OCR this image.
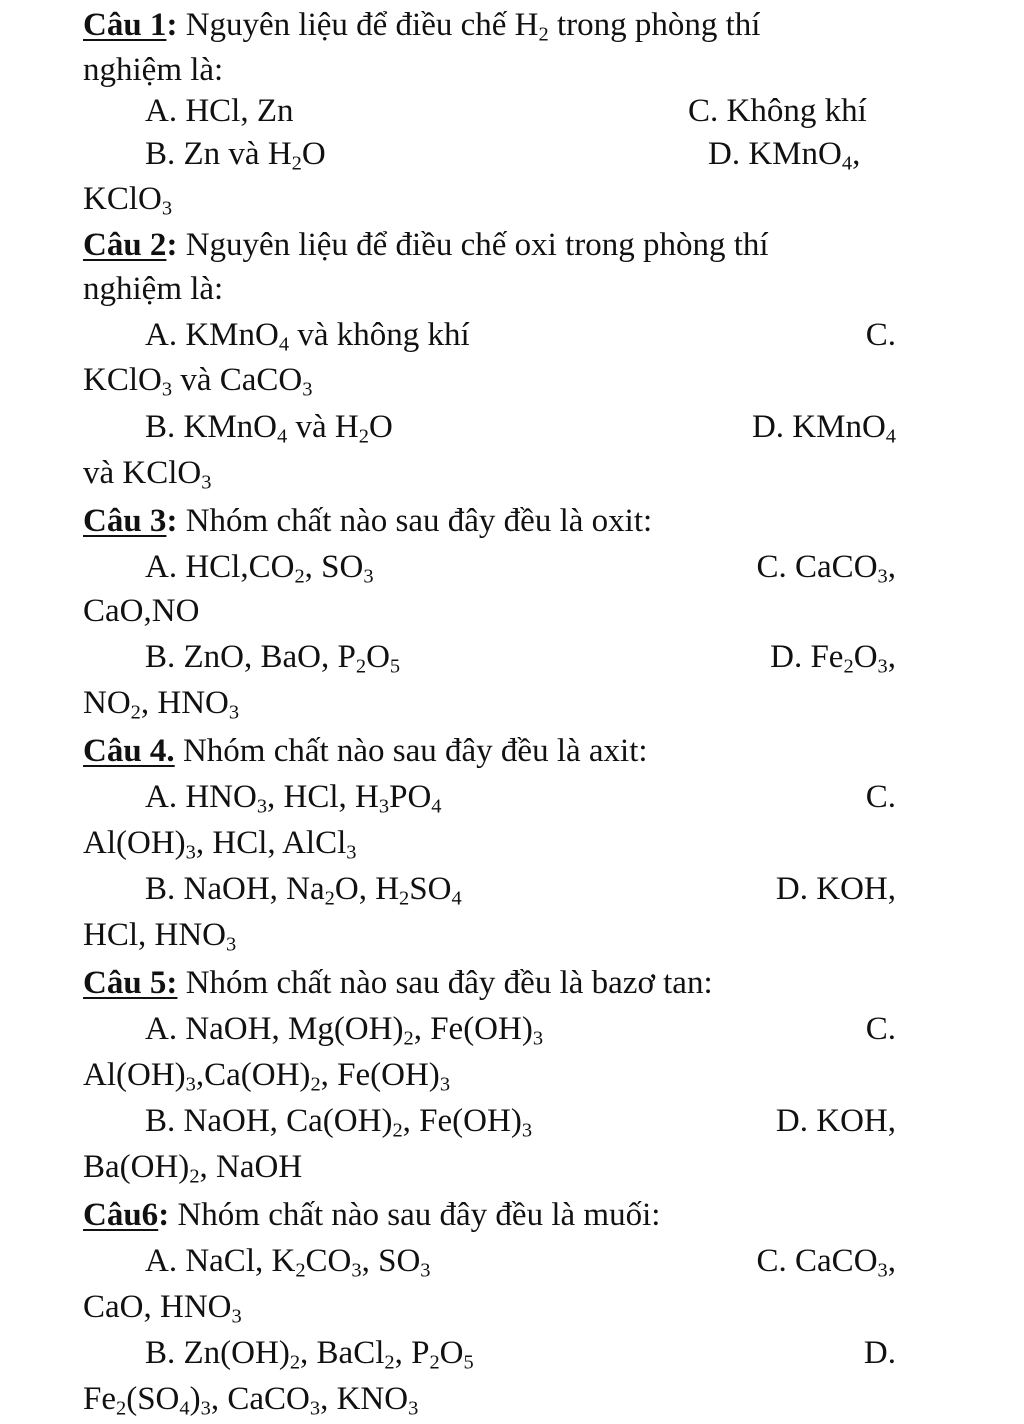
Câu 1: Nguyên liệu để điều chế $H_2$ trong phòng thí
nghiệm là:
A. HCl, Zn	C. Không khí
B. Zn và $H_2O$	D. KMnO$_4$,
KClO$_3$
Câu 2: Nguyên liệu để điều chế oxi trong phòng thí
nghiệm là:
A. KMnO$_4$ và không khí	C.
KClO$_3$ và CaCO$_3$
B. KMnO$_4$ và $H_2O$	D. KMnO$_4$
và KClO$_3$
Câu 3: Nhóm chất nào sau đây đều là oxit:
A. $HCl,CO_2$, $SO_3$	C. CaCO$_3$,
CaO,NO
B. ZnO, BaO, $P_2O_5$	D. $Fe_2O_3$,
$NO_2$, $HNO_3$
Câu 4. Nhóm chất nào sau đây đều là axit:
A. $HNO_3$, HCl, $H_3PO_4$	C.
$Al(OH)_3$, HCl, AlCl$_3$
B. NaOH, $Na_2O$, $H_2SO_4$	D. KOH,
HCl, $HNO_3$
Câu 5: Nhóm chất nào sau đây đều là bazơ tan:
A. NaOH, $Mg(OH)_2$, $Fe(OH)_3$	C.
$Al(OH)_3,Ca(OH)_2$, $Fe(OH)_3$
B. NaOH, $Ca(OH)_2$, $Fe(OH)_3$	D. KOH,
$Ba(OH)_2$, NaOH
Câu6: Nhóm chất nào sau đây đều là muối:
A. NaCl, $K_2CO_3$, $SO_3$	C. CaCO$_3$,
CaO, $HNO_3$
B. $Zn(OH)_2$, BaCl$_2$, $P_2O_5$	D.
$Fe_2(SO_4)_3$, CaCO$_3$, $KNO_3$
